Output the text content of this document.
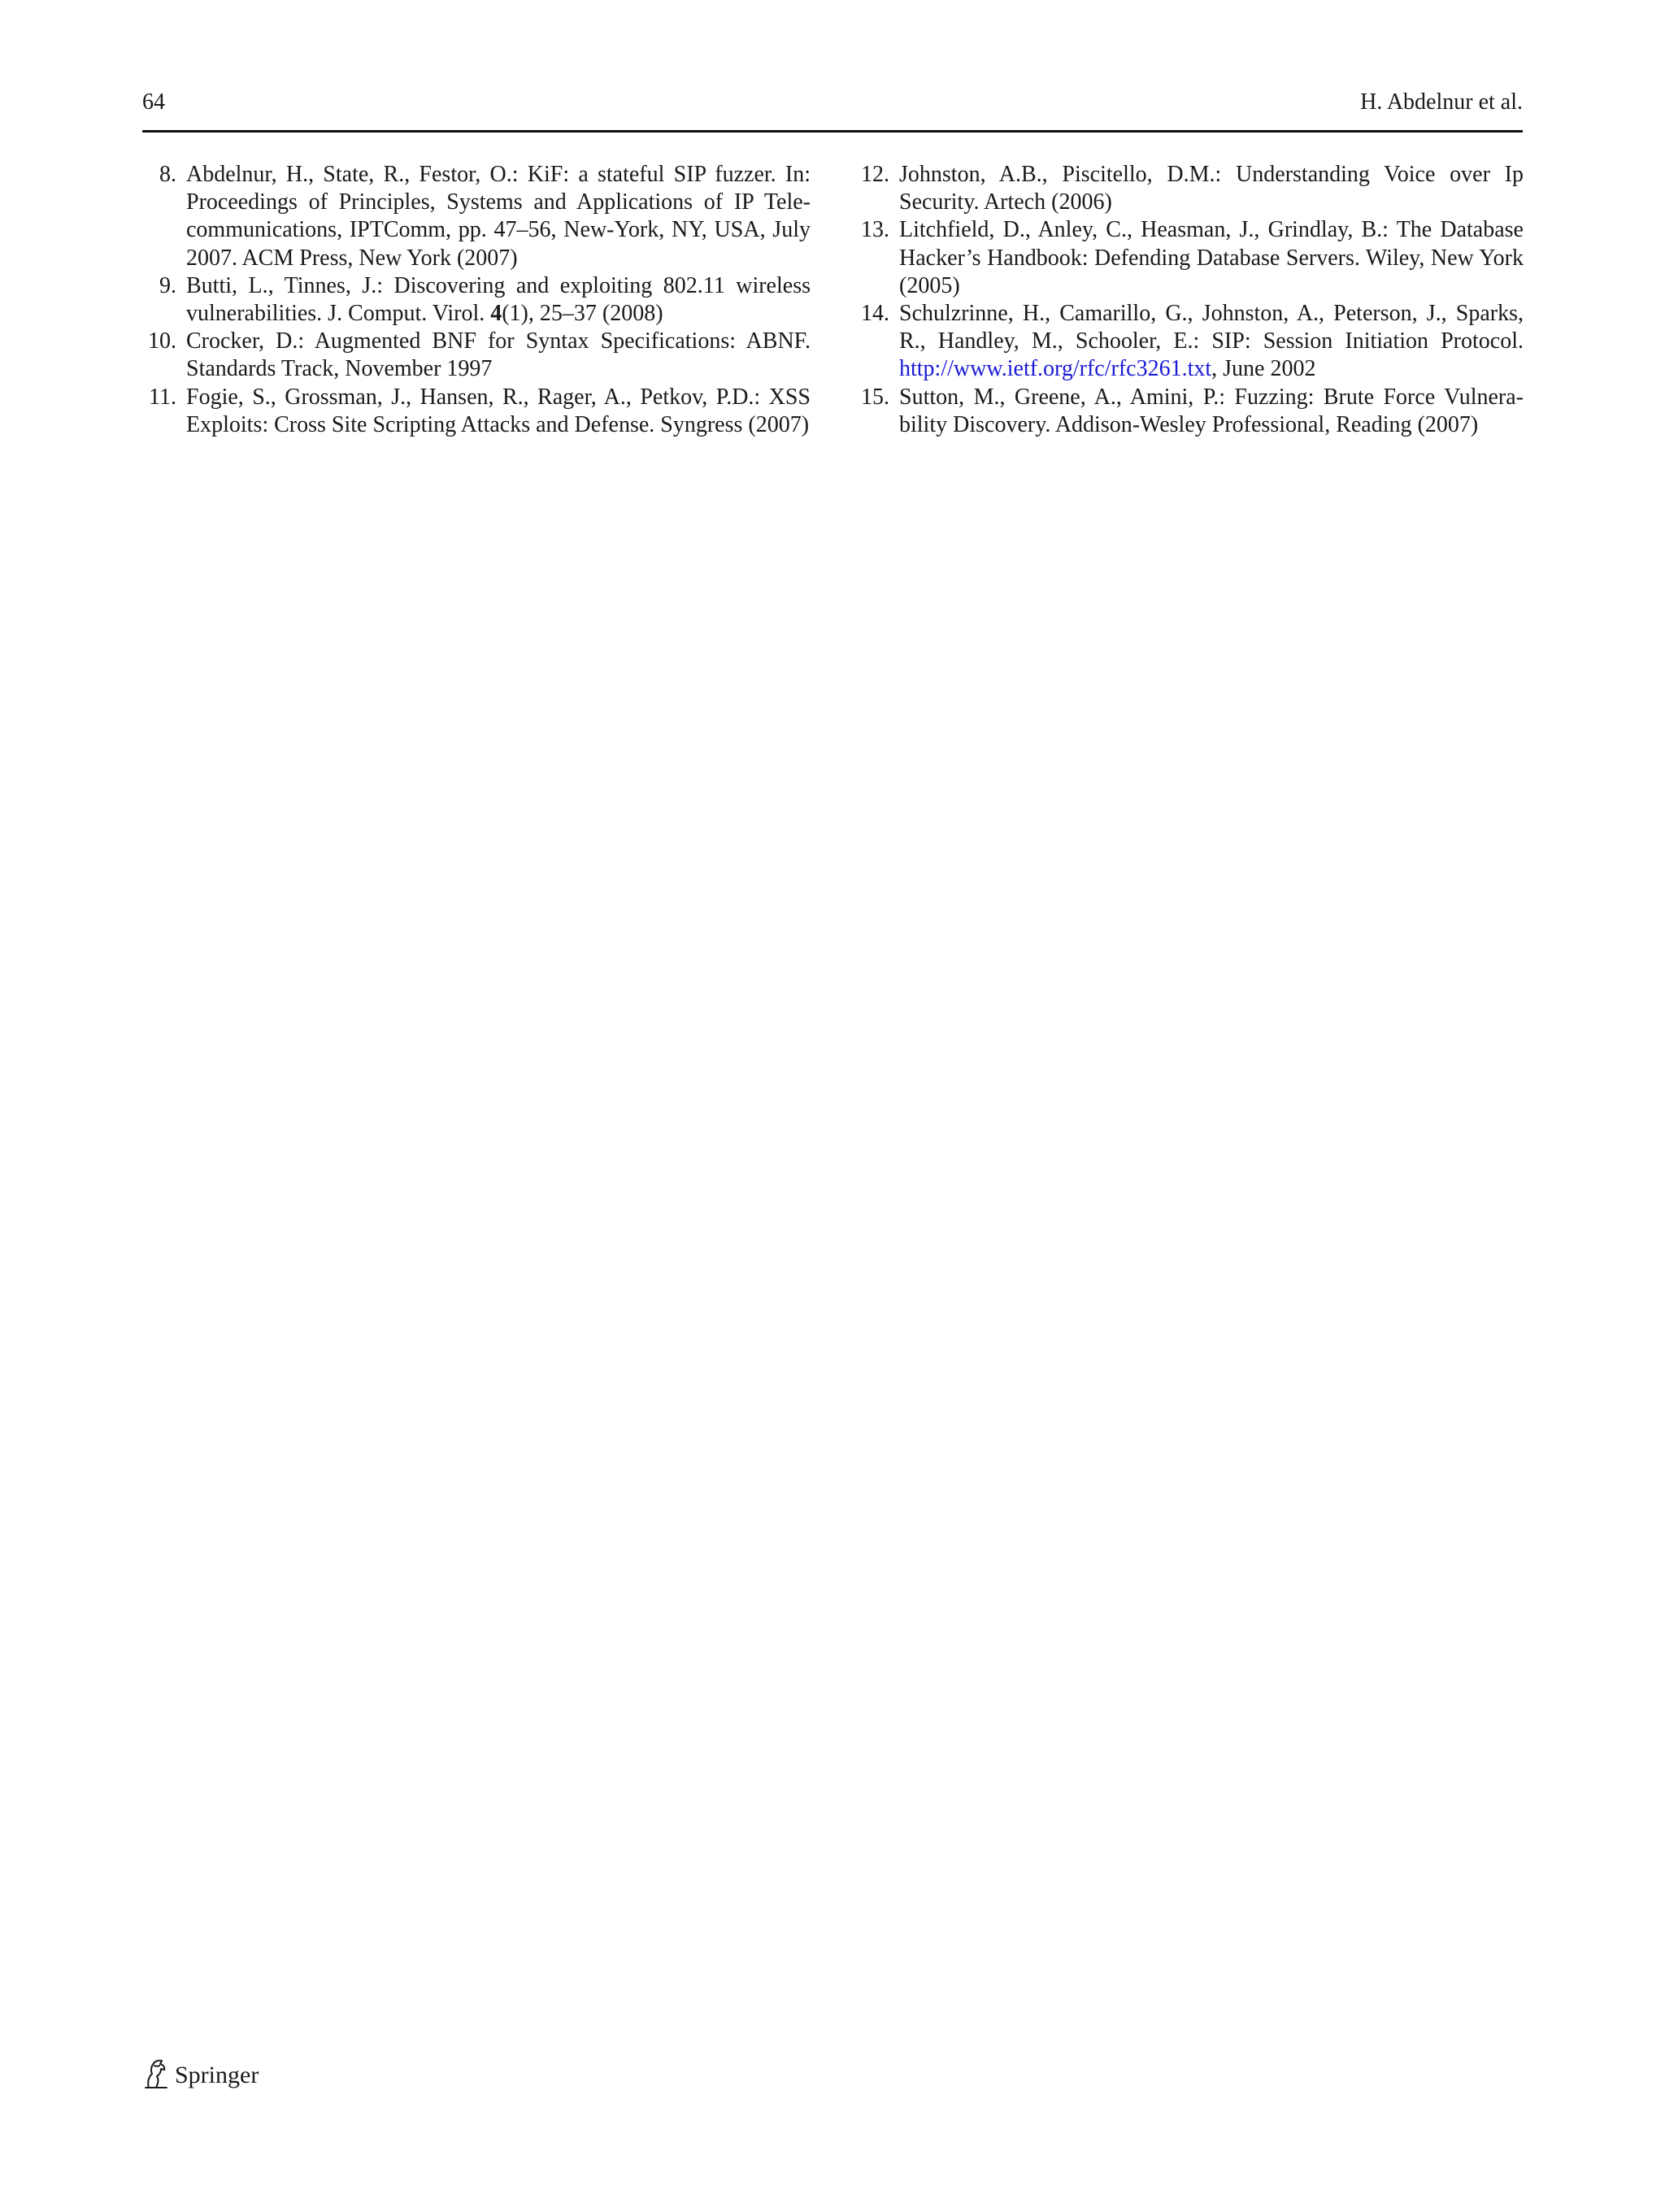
64	H. Abdelnur et al.
8. Abdelnur, H., State, R., Festor, O.: KiF: a stateful SIP fuzzer. In: Proceedings of Principles, Systems and Applications of IP Telecommunications, IPTComm, pp. 47–56, New-York, NY, USA, July 2007. ACM Press, New York (2007)
9. Butti, L., Tinnes, J.: Discovering and exploiting 802.11 wireless vulnerabilities. J. Comput. Virol. 4(1), 25–37 (2008)
10. Crocker, D.: Augmented BNF for Syntax Specifications: ABNF. Standards Track, November 1997
11. Fogie, S., Grossman, J., Hansen, R., Rager, A., Petkov, P.D.: XSS Exploits: Cross Site Scripting Attacks and Defense. Syngress (2007)
12. Johnston, A.B., Piscitello, D.M.: Understanding Voice over Ip Security. Artech (2006)
13. Litchfield, D., Anley, C., Heasman, J., Grindlay, B.: The Database Hacker’s Handbook: Defending Database Servers. Wiley, New York (2005)
14. Schulzrinne, H., Camarillo, G., Johnston, A., Peterson, J., Sparks, R., Handley, M., Schooler, E.: SIP: Session Initiation Protocol. http://www.ietf.org/rfc/rfc3261.txt, June 2002
15. Sutton, M., Greene, A., Amini, P.: Fuzzing: Brute Force Vulnerability Discovery. Addison-Wesley Professional, Reading (2007)
Springer
